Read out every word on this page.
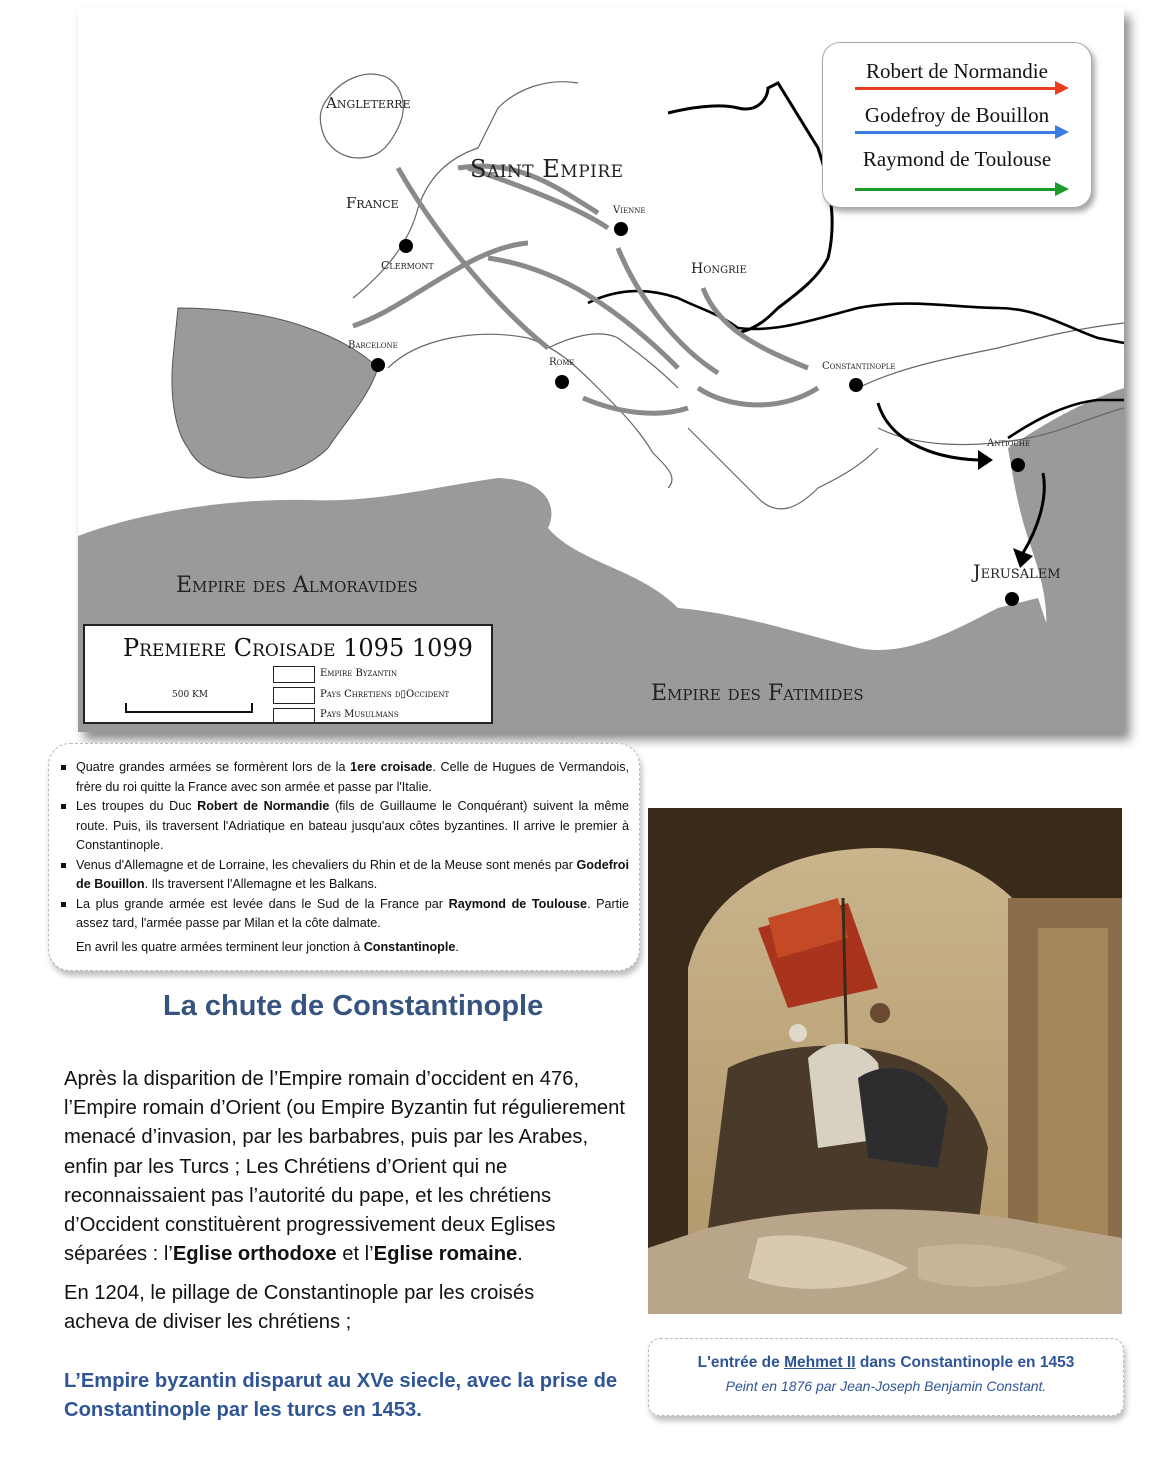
Angleterre
Saint Empire
France
Clermont
Vienne
Hongrie
Barcelone
Rome	Constantinople
Antioche
Jerusalem
Empire des Almoravides
Empire des Fatimides
Robert de Normandie
Godefroy de Bouillon
Raymond de Toulouse
Premiere Croisade 1095 1099
Empire Byzantin
Pays Chretiens d▯Occident
Pays Musulmans
500 KM
Quatre grandes armées se formèrent lors de la 1ere croisade. Celle de Hugues de Vermandois, frère du roi quitte la France avec son armée et passe par l'Italie.
Les troupes du Duc Robert de Normandie (fils de Guillaume le Conquérant) suivent la même route. Puis, ils traversent l'Adriatique en bateau jusqu'aux côtes byzantines. Il arrive le premier à Constantinople.
Venus d'Allemagne et de Lorraine, les chevaliers du Rhin et de la Meuse sont menés par Godefroi de Bouillon. Ils traversent l'Allemagne et les Balkans.
La plus grande armée est levée dans le Sud de la France par Raymond de Toulouse. Partie assez tard, l'armée passe par Milan et la côte dalmate.
En avril les quatre armées terminent leur jonction à Constantinople.
La chute de Constantinople
Après la disparition de l’Empire romain d’occident en 476, l’Empire romain d’Orient (ou Empire Byzantin fut régulierement menacé d’invasion, par les barbabres, puis par les Arabes, enfin par les Turcs ; Les Chrétiens d’Orient qui ne reconnaissaient pas l’autorité du pape, et les chrétiens d’Occident constituèrent progressivement deux Eglises séparées : l’Eglise orthodoxe et l’Eglise romaine.
En 1204, le pillage de Constantinople par les croisés acheva de diviser les chrétiens ;
L’Empire byzantin disparut au XVe siecle, avec la prise de Constantinople par les turcs en 1453.
L'entrée de Mehmet II dans Constantinople en 1453
Peint en 1876 par Jean-Joseph Benjamin Constant.
